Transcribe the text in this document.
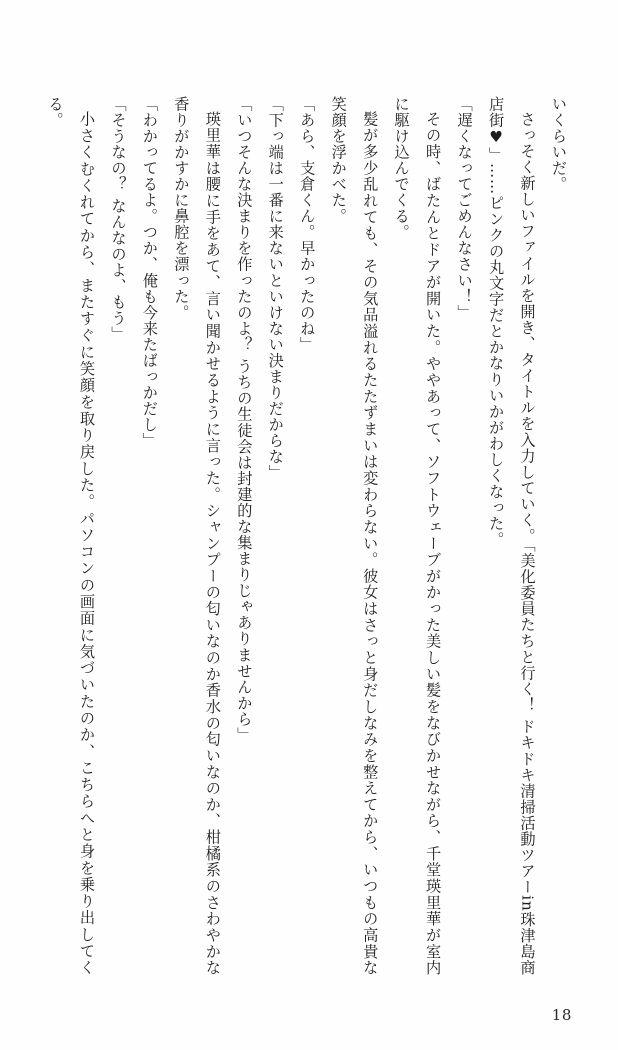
いくらいだ。

さっそく新しいファイルを開き、タイトルを入力していく。「美化委員たちと行く！ ドキドキ清掃活動ツアーin珠津島商店街♥」……ピンクの丸文字だとかなりいかがわしくなった。

「遅くなってごめんなさい！」

その時、ばたんとドアが開いた。ややあって、ソフトウェーブがかった美しい髪をなびかせながら、千堂瑛里華が室内に駆け込んでくる。

髪が多少乱れても、その気品溢れるたたずまいは変わらない。彼女はさっと身だしなみを整えてから、いつもの高貴な笑顔を浮かべた。

「あら、支倉くん。早かったのね」

「下っ端は一番に来ないといけない決まりだからな」

「いつそんな決まりを作ったのよ？ うちの生徒会は封建的な集まりじゃありませんから」

瑛里華は腰に手をあて、言い聞かせるように言った。シャンプーの匂いなのか香水の匂いなのか、柑橘系のさわやかな香りがかすかに鼻腔を漂った。

「わかってるよ。つか、俺も今来たばっかだし」

「そうなの？ なんなのよ、もう」

小さくむくれてから、またすぐに笑顔を取り戻した。パソコンの画面に気づいたのか、こちらへと身を乗り出してくる。

18
